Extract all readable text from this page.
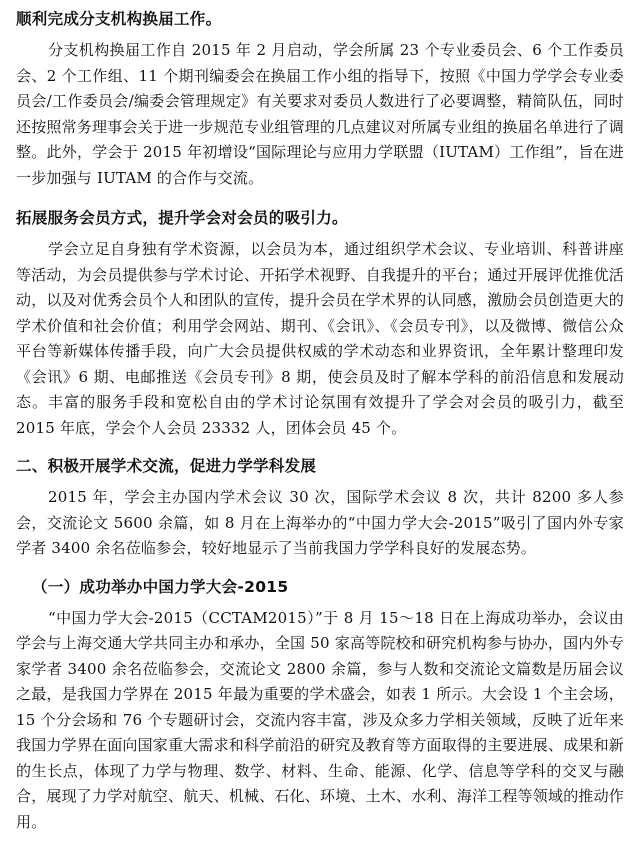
顺利完成分支机构换届工作。

分支机构换届工作自 2015 年 2 月启动，学会所属 23 个专业委员会、6 个工作委员会、2 个工作组、11 个期刊编委会在换届工作小组的指导下，按照《中国力学学会专业委员会/工作委员会/编委会管理规定》有关要求对委员人数进行了必要调整，精简队伍，同时还按照常务理事会关于进一步规范专业组管理的几点建议对所属专业组的换届名单进行了调整。此外，学会于 2015 年初增设“国际理论与应用力学联盟（IUTAM）工作组”，旨在进一步加强与 IUTAM 的合作与交流。

拓展服务会员方式，提升学会对会员的吸引力。

学会立足自身独有学术资源，以会员为本，通过组织学术会议、专业培训、科普讲座等活动，为会员提供参与学术讨论、开拓学术视野、自我提升的平台；通过开展评优推优活动，以及对优秀会员个人和团队的宣传，提升会员在学术界的认同感，激励会员创造更大的学术价值和社会价值；利用学会网站、期刊、《会讯》、《会员专刊》，以及微博、微信公众平台等新媒体传播手段，向广大会员提供权威的学术动态和业界资讯，全年累计整理印发《会讯》6 期、电邮推送《会员专刊》8 期，使会员及时了解本学科的前沿信息和发展动态。丰富的服务手段和宽松自由的学术讨论氛围有效提升了学会对会员的吸引力，截至 2015 年底，学会个人会员 23332 人，团体会员 45 个。

二、积极开展学术交流，促进力学学科发展

2015 年，学会主办国内学术会议 30 次，国际学术会议 8 次，共计 8200 多人参会，交流论文 5600 余篇，如 8 月在上海举办的“中国力学大会-2015”吸引了国内外专家学者 3400 余名莅临参会，较好地显示了当前我国力学学科良好的发展态势。

（一）成功举办中国力学大会-2015

“中国力学大会-2015（CCTAM2015）”于 8 月 15～18 日在上海成功举办，会议由学会与上海交通大学共同主办和承办，全国 50 家高等院校和研究机构参与协办，国内外专家学者 3400 余名莅临参会，交流论文 2800 余篇，参与人数和交流论文篇数是历届会议之最，是我国力学界在 2015 年最为重要的学术盛会，如表 1 所示。大会设 1 个主会场，15 个分会场和 76 个专题研讨会，交流内容丰富，涉及众多力学相关领域，反映了近年来我国力学界在面向国家重大需求和科学前沿的研究及教育等方面取得的主要进展、成果和新的生长点，体现了力学与物理、数学、材料、生命、能源、化学、信息等学科的交叉与融合，展现了力学对航空、航天、机械、石化、环境、土木、水利、海洋工程等领域的推动作用。
